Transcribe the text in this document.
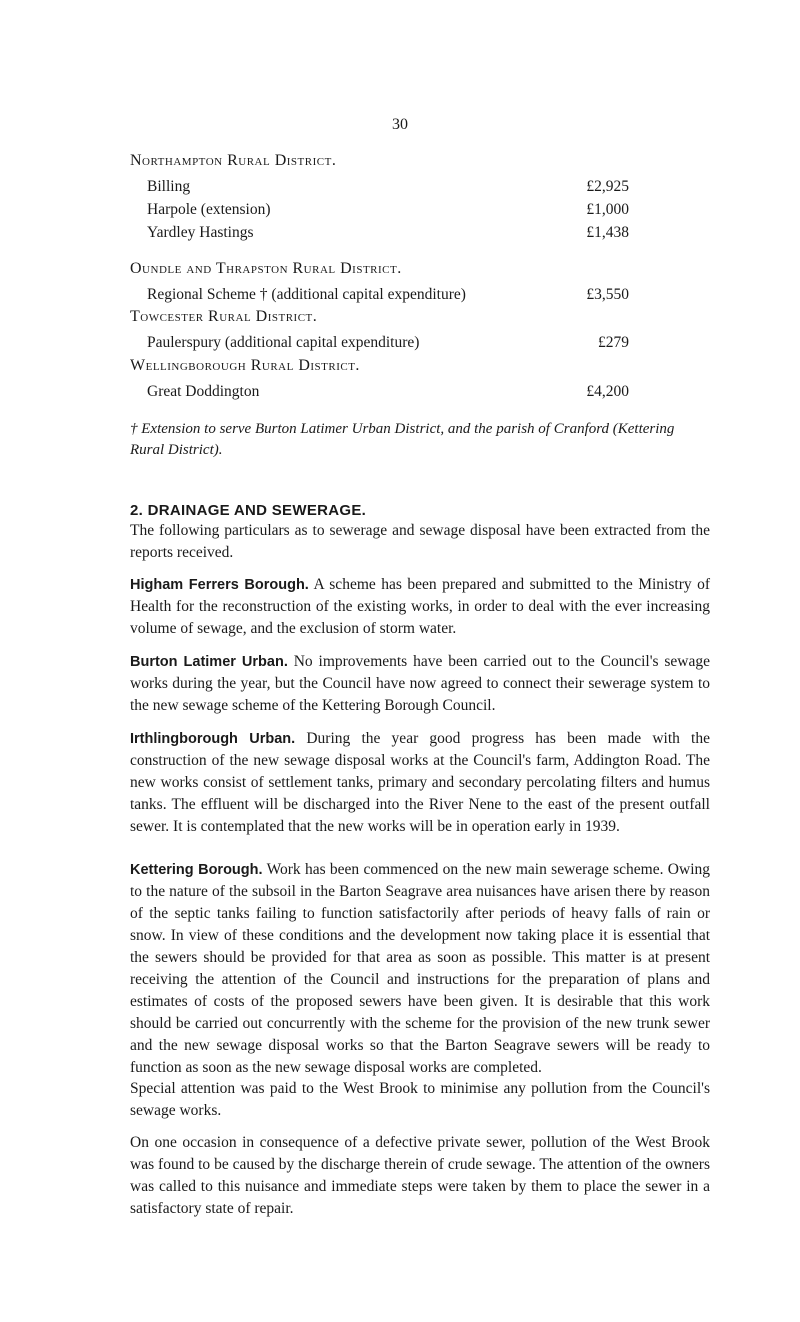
30
Northampton Rural District.
Billing	£2,925
Harpole (extension)	£1,000
Yardley Hastings	£1,438
Oundle and Thrapston Rural District.
Regional Scheme † (additional capital expenditure)	£3,550
† Extension to serve Burton Latimer Urban District, and the parish of Cranford (Kettering Rural District).
2. DRAINAGE AND SEWERAGE.

The following particulars as to sewerage and sewage disposal have been extracted from the reports received.

Higham Ferrers Borough. A scheme has been prepared and submitted to the Ministry of Health for the reconstruction of the existing works, in order to deal with the ever increasing volume of sewage, and the exclusion of storm water.

Burton Latimer Urban. No improvements have been carried out to the Council's sewage works during the year, but the Council have now agreed to connect their sewerage system to the new sewage scheme of the Kettering Borough Council.

Irthlingborough Urban. During the year good progress has been made with the construction of the new sewage disposal works at the Council's farm, Addington Road. The new works consist of settlement tanks, primary and secondary percolating filters and humus tanks. The effluent will be discharged into the River Nene to the east of the present outfall sewer. It is contemplated that the new works will be in operation early in 1939.

Kettering Borough. Work has been commenced on the new main sewerage scheme. Owing to the nature of the subsoil in the Barton Seagrave area nuisances have arisen there by reason of the septic tanks failing to function satisfactorily after periods of heavy falls of rain or snow. In view of these conditions and the development now taking place it is essential that the sewers should be provided for that area as soon as possible. This matter is at present receiving the attention of the Council and instructions for the preparation of plans and estimates of costs of the proposed sewers have been given. It is desirable that this work should be carried out concurrently with the scheme for the provision of the new trunk sewer and the new sewage disposal works so that the Barton Seagrave sewers will be ready to function as soon as the new sewage disposal works are completed.

Special attention was paid to the West Brook to minimise any pollution from the Council's sewage works.

On one occasion in consequence of a defective private sewer, pollution of the West Brook was found to be caused by the discharge therein of crude sewage. The attention of the owners was called to this nuisance and immediate steps were taken by them to place the sewer in a satisfactory state of repair.

Towcester Rural District.
Paulerspury (additional capital expenditure)	£279
Wellingborough Rural District.
Great Doddington	£4,200
